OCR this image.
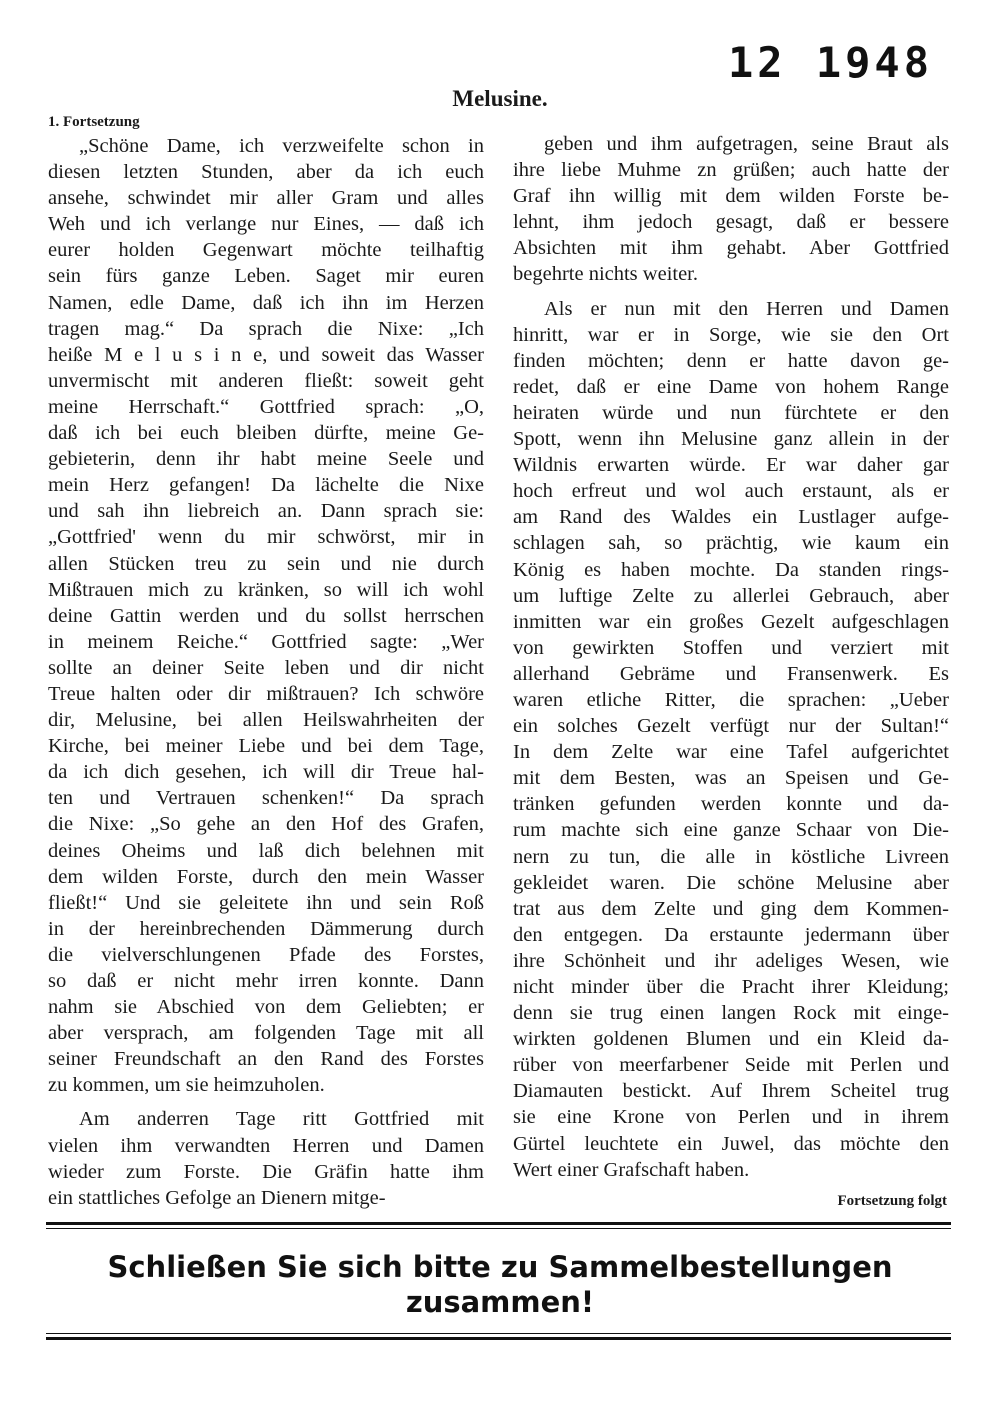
12 1948
Melusine.
1. Fortsetzung
„Schöne Dame, ich verzweifelte schon in
diesen letzten Stunden, aber da ich euch
ansehe, schwindet mir aller Gram und alles
Weh und ich verlange nur Eines, — daß ich
eurer holden Gegenwart möchte teilhaftig
sein fürs ganze Leben. Saget mir euren
Namen, edle Dame, daß ich ihn im Herzen
tragen mag.“ Da sprach die Nixe: „Ich
heiße M e l u s i n e, und soweit das Wasser
unvermischt mit anderen fließt: soweit geht
meine Herrschaft.“ Gottfried sprach: „O,
daß ich bei euch bleiben dürfte, meine Ge-
gebieterin, denn ihr habt meine Seele und
mein Herz gefangen! Da lächelte die Nixe
und sah ihn liebreich an. Dann sprach sie:
„Gottfried' wenn du mir schwörst, mir in
allen Stücken treu zu sein und nie durch
Mißtrauen mich zu kränken, so will ich wohl
deine Gattin werden und du sollst herrschen
in meinem Reiche.“ Gottfried sagte: „Wer
sollte an deiner Seite leben und dir nicht
Treue halten oder dir mißtrauen? Ich schwöre
dir, Melusine, bei allen Heilswahrheiten der
Kirche, bei meiner Liebe und bei dem Tage,
da ich dich gesehen, ich will dir Treue hal-
ten und Vertrauen schenken!“ Da sprach
die Nixe: „So gehe an den Hof des Grafen,
deines Oheims und laß dich belehnen mit
dem wilden Forste, durch den mein Wasser
fließt!“ Und sie geleitete ihn und sein Roß
in der hereinbrechenden Dämmerung durch
die vielverschlungenen Pfade des Forstes,
so daß er nicht mehr irren konnte. Dann
nahm sie Abschied von dem Geliebten; er
aber versprach, am folgenden Tage mit all
seiner Freundschaft an den Rand des Forstes
zu kommen, um sie heimzuholen.
Am anderren Tage ritt Gottfried mit
vielen ihm verwandten Herren und Damen
wieder zum Forste. Die Gräfin hatte ihm
ein stattliches Gefolge an Dienern mitge-
geben und ihm aufgetragen, seine Braut als
ihre liebe Muhme zn grüßen; auch hatte der
Graf ihn willig mit dem wilden Forste be-
lehnt, ihm jedoch gesagt, daß er bessere
Absichten mit ihm gehabt. Aber Gottfried
begehrte nichts weiter.
Als er nun mit den Herren und Damen
hinritt, war er in Sorge, wie sie den Ort
finden möchten; denn er hatte davon ge-
redet, daß er eine Dame von hohem Range
heiraten würde und nun fürchtete er den
Spott, wenn ihn Melusine ganz allein in der
Wildnis erwarten würde. Er war daher gar
hoch erfreut und wol auch erstaunt, als er
am Rand des Waldes ein Lustlager aufge-
schlagen sah, so prächtig, wie kaum ein
König es haben mochte. Da standen rings-
um luftige Zelte zu allerlei Gebrauch, aber
inmitten war ein großes Gezelt aufgeschlagen
von gewirkten Stoffen und verziert mit
allerhand Gebräme und Fransenwerk. Es
waren etliche Ritter, die sprachen: „Ueber
ein solches Gezelt verfügt nur der Sultan!“
In dem Zelte war eine Tafel aufgerichtet
mit dem Besten, was an Speisen und Ge-
tränken gefunden werden konnte und da-
rum machte sich eine ganze Schaar von Die-
nern zu tun, die alle in köstliche Livreen
gekleidet waren. Die schöne Melusine aber
trat aus dem Zelte und ging dem Kommen-
den entgegen. Da erstaunte jedermann über
ihre Schönheit und ihr adeliges Wesen, wie
nicht minder über die Pracht ihrer Kleidung;
denn sie trug einen langen Rock mit einge-
wirkten goldenen Blumen und ein Kleid da-
rüber von meerfarbener Seide mit Perlen und
Diamauten bestickt. Auf Ihrem Scheitel trug
sie eine Krone von Perlen und in ihrem
Gürtel leuchtete ein Juwel, das möchte den
Wert einer Grafschaft haben.
Fortsetzung folgt
Schließen Sie sich bitte zu Sammelbestellungen
zusammen!
